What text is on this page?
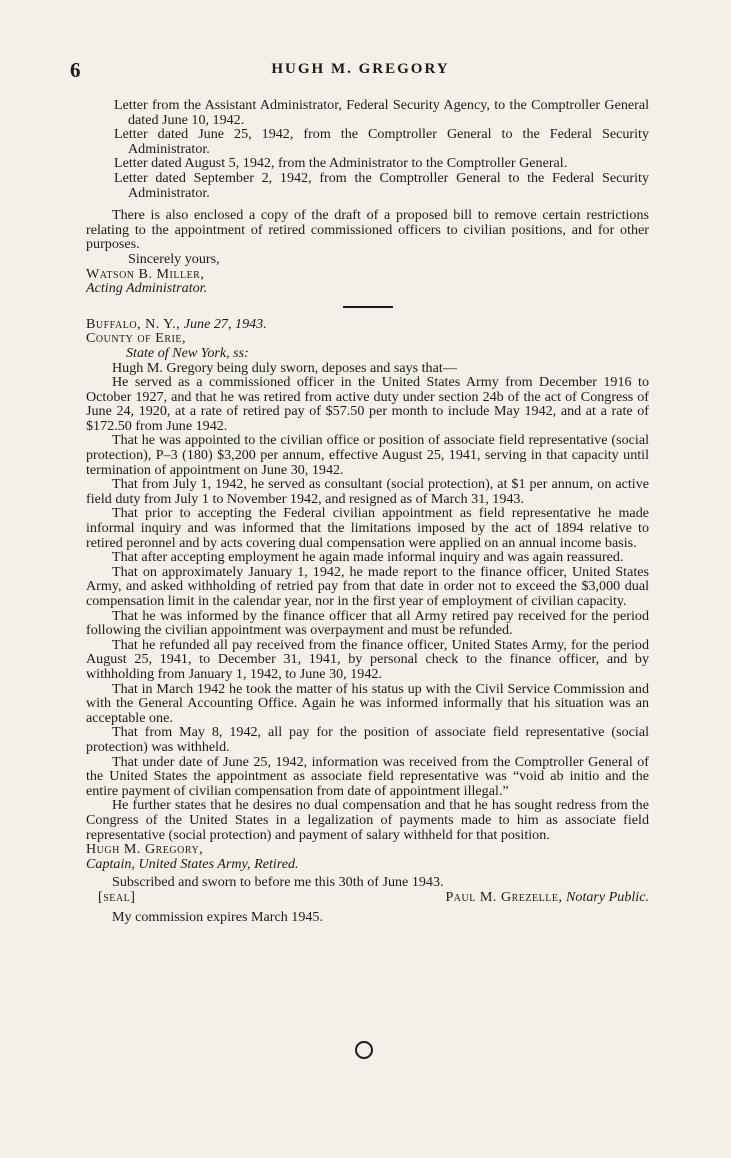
6	HUGH M. GREGORY

Letter from the Assistant Administrator, Federal Security Agency, to the Comptroller General dated June 10, 1942.

Letter dated June 25, 1942, from the Comptroller General to the Federal Security Administrator.

Letter dated August 5, 1942, from the Administrator to the Comptroller General.

Letter dated September 2, 1942, from the Comptroller General to the Federal Security Administrator.

There is also enclosed a copy of the draft of a proposed bill to remove certain restrictions relating to the appointment of retired commissioned officers to civilian positions, and for other purposes.

Sincerely yours,

Watson B. Miller,

Acting Administrator.

Buffalo, N. Y., June 27, 1943.

County of Erie,

State of New York, ss:

Hugh M. Gregory being duly sworn, deposes and says that—

He served as a commissioned officer in the United States Army from December 1916 to October 1927, and that he was retired from active duty under section 24b of the act of Congress of June 24, 1920, at a rate of retired pay of $57.50 per month to include May 1942, and at a rate of $172.50 from June 1942.

That he was appointed to the civilian office or position of associate field representative (social protection), P–3 (180) $3,200 per annum, effective August 25, 1941, serving in that capacity until termination of appointment on June 30, 1942.

That from July 1, 1942, he served as consultant (social protection), at $1 per annum, on active field duty from July 1 to November 1942, and resigned as of March 31, 1943.

That prior to accepting the Federal civilian appointment as field representative he made informal inquiry and was informed that the limitations imposed by the act of 1894 relative to retired peronnel and by acts covering dual compensation were applied on an annual income basis.

That after accepting employment he again made informal inquiry and was again reassured.

That on approximately January 1, 1942, he made report to the finance officer, United States Army, and asked withholding of retried pay from that date in order not to exceed the $3,000 dual compensation limit in the calendar year, nor in the first year of employment of civilian capacity.

That he was informed by the finance officer that all Army retired pay received for the period following the civilian appointment was overpayment and must be refunded.

That he refunded all pay received from the finance officer, United States Army, for the period August 25, 1941, to December 31, 1941, by personal check to the finance officer, and by withholding from January 1, 1942, to June 30, 1942.

That in March 1942 he took the matter of his status up with the Civil Service Commission and with the General Accounting Office. Again he was informed informally that his situation was an acceptable one.

That from May 8, 1942, all pay for the position of associate field representative (social protection) was withheld.

That under date of June 25, 1942, information was received from the Comptroller General of the United States the appointment as associate field representative was “void ab initio and the entire payment of civilian compensation from date of appointment illegal.”

He further states that he desires no dual compensation and that he has sought redress from the Congress of the United States in a legalization of payments made to him as associate field representative (social protection) and payment of salary withheld for that position.

Hugh M. Gregory,

Captain, United States Army, Retired.

Subscribed and sworn to before me this 30th of June 1943.

[seal]	Paul M. Grezelle, Notary Public.

My commission expires March 1945.
